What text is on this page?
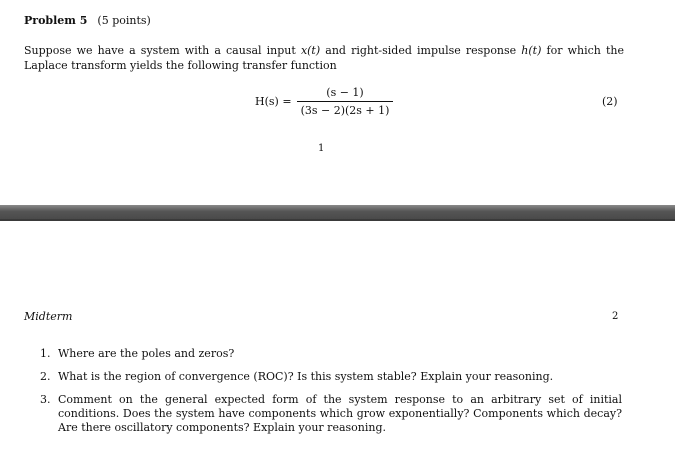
Problem 5 (5 points)
Suppose we have a system with a causal input x(t) and right-sided impulse response h(t) for which the Laplace transform yields the following transfer function
H(s) =
(s − 1)
(3s − 2)(2s + 1)
(2)
1
Midterm	2
1. Where are the poles and zeros?
2. What is the region of convergence (ROC)? Is this system stable? Explain your reasoning.
3. Comment on the general expected form of the system response to an arbitrary set of initial conditions. Does the system have components which grow exponentially? Components which decay? Are there oscillatory components? Explain your reasoning.
